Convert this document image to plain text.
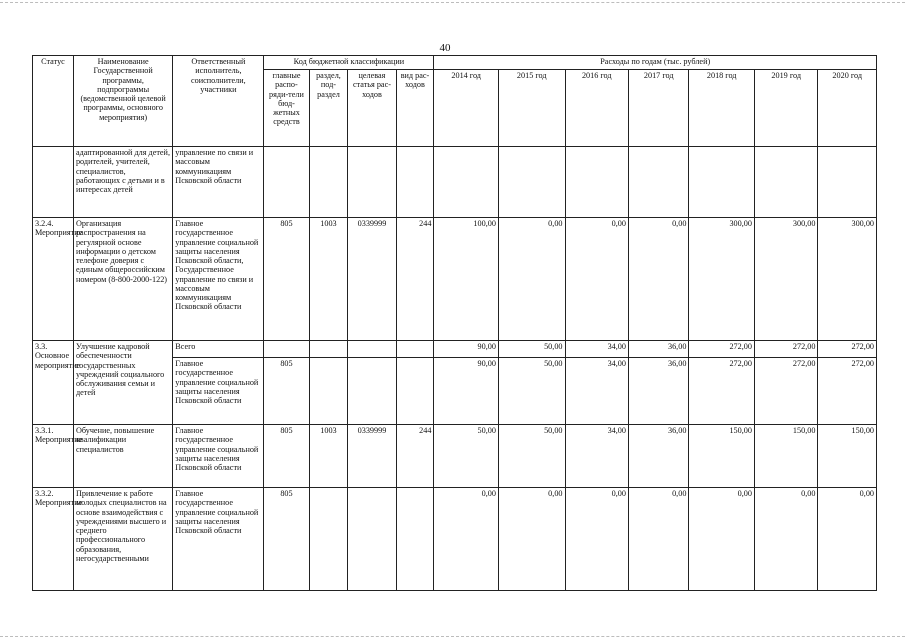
40
Статус	Наименование Государственной программы, подпрограммы (ведомственной целевой программы, основного мероприятия)	Ответственный исполнитель, соисполнители, участники	Код бюджетной классификации				Расходы по годам (тыс. рублей)						
			главные распо-ряди-тели бюд-жетных средств	раздел, под-раздел	целевая статья рас-ходов	вид рас-ходов	2014 год	2015 год	2016 год	2017 год	2018 год	2019 год	2020 год
	адаптированной для детей, родителей, учителей, специалистов, работающих с детьми и в интересах детей	управление по связи и массовым коммуникациям Псковской области											
3.2.4. Мероприятие	Организация распространения на регулярной основе информации о детском телефоне доверия с единым общероссийским номером (8-800-2000-122)	Главное государственное управление социальной защиты населения Псковской области, Государственное управление по связи и массовым коммуникациям Псковской области	805	1003	0339999	244	100,00	0,00	0,00	0,00	300,00	300,00	300,00
3.3. Основное мероприятие	Улучшение кадровой обеспеченности государственных учреждений социального обслуживания семьи и детей	Всего					90,00	50,00	34,00	36,00	272,00	272,00	272,00
		Главное государственное управление социальной защиты населения Псковской области	805				90,00	50,00	34,00	36,00	272,00	272,00	272,00
3.3.1. Мероприятие	Обучение, повышение квалификации специалистов	Главное государственное управление социальной защиты населения Псковской области	805	1003	0339999	244	50,00	50,00	34,00	36,00	150,00	150,00	150,00
3.3.2. Мероприятие	Привлечение к работе молодых специалистов на основе взаимодействия с учреждениями высшего и среднего профессионального образования, негосударственными	Главное государственное управление социальной защиты населения Псковской области	805				0,00	0,00	0,00	0,00	0,00	0,00	0,00
